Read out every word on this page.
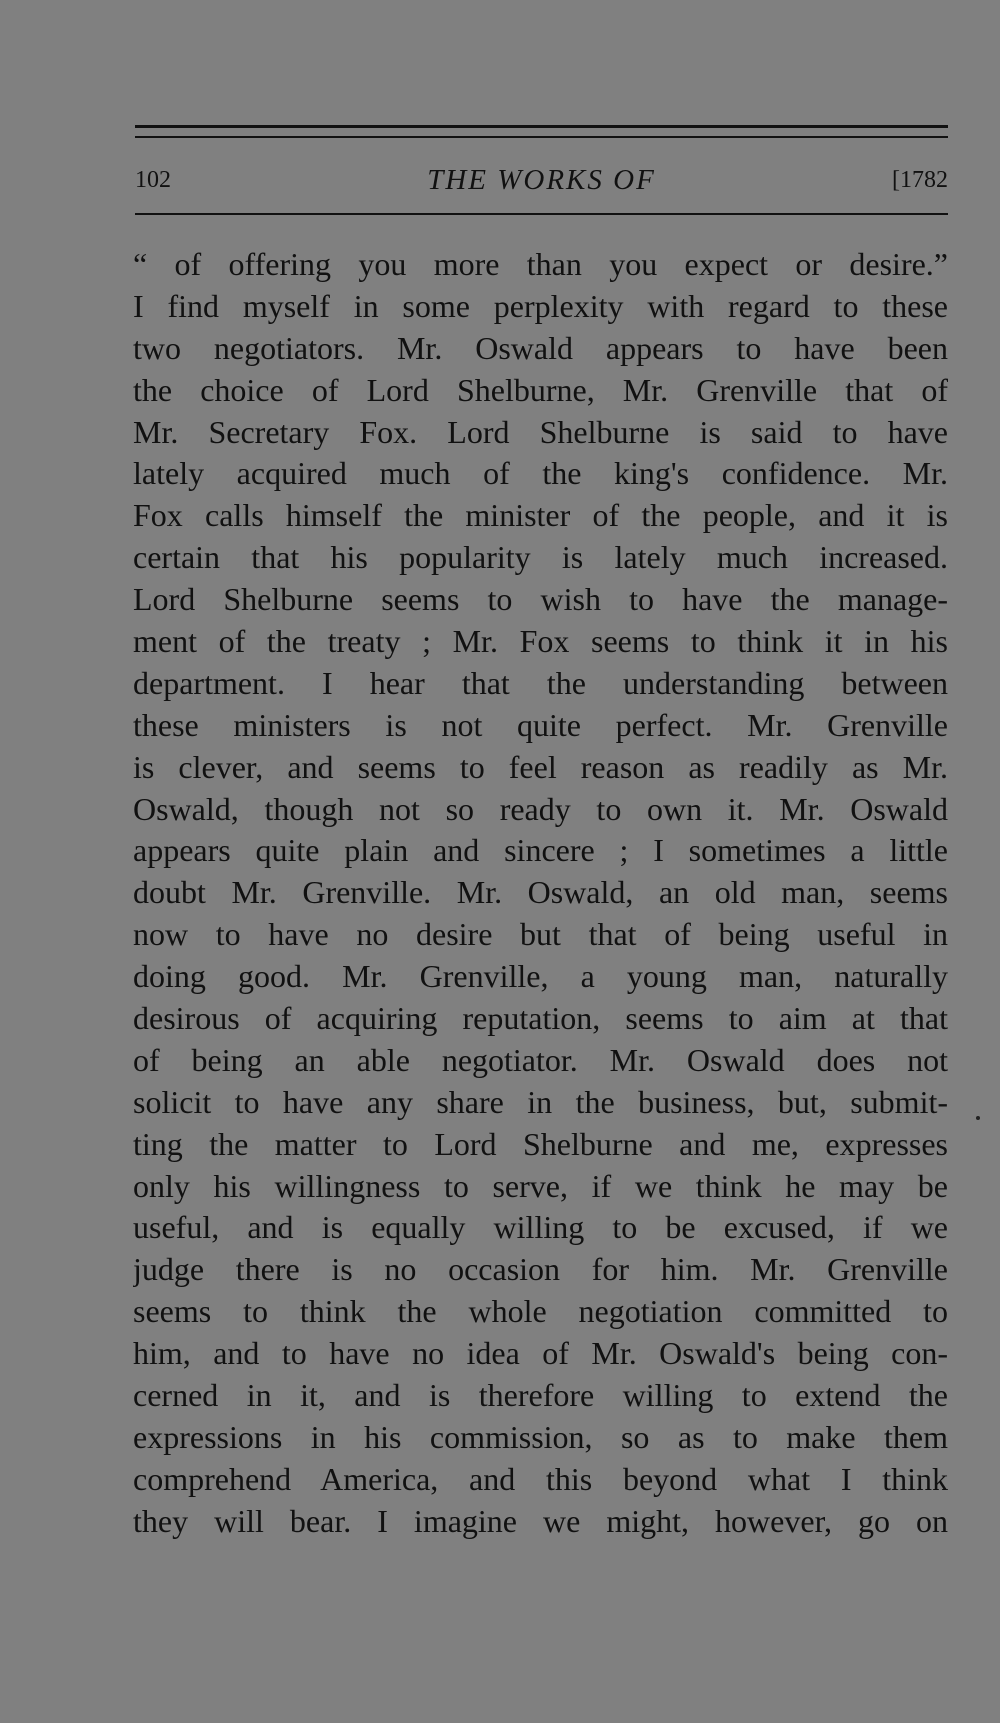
102	THE WORKS OF	[1782
“ of offering you more than you expect or desire.”
I find myself in some perplexity with regard to these
two negotiators. Mr. Oswald appears to have been
the choice of Lord Shelburne, Mr. Grenville that of
Mr. Secretary Fox. Lord Shelburne is said to have
lately acquired much of the king's confidence. Mr.
Fox calls himself the minister of the people, and it is
certain that his popularity is lately much increased.
Lord Shelburne seems to wish to have the manage-
ment of the treaty ; Mr. Fox seems to think it in his
department. I hear that the understanding between
these ministers is not quite perfect. Mr. Grenville
is clever, and seems to feel reason as readily as Mr.
Oswald, though not so ready to own it. Mr. Oswald
appears quite plain and sincere ; I sometimes a little
doubt Mr. Grenville. Mr. Oswald, an old man, seems
now to have no desire but that of being useful in
doing good. Mr. Grenville, a young man, naturally
desirous of acquiring reputation, seems to aim at that
of being an able negotiator. Mr. Oswald does not
solicit to have any share in the business, but, submit-
ting the matter to Lord Shelburne and me, expresses
only his willingness to serve, if we think he may be
useful, and is equally willing to be excused, if we
judge there is no occasion for him. Mr. Grenville
seems to think the whole negotiation committed to
him, and to have no idea of Mr. Oswald's being con-
cerned in it, and is therefore willing to extend the
expressions in his commission, so as to make them
comprehend America, and this beyond what I think
they will bear. I imagine we might, however, go on
